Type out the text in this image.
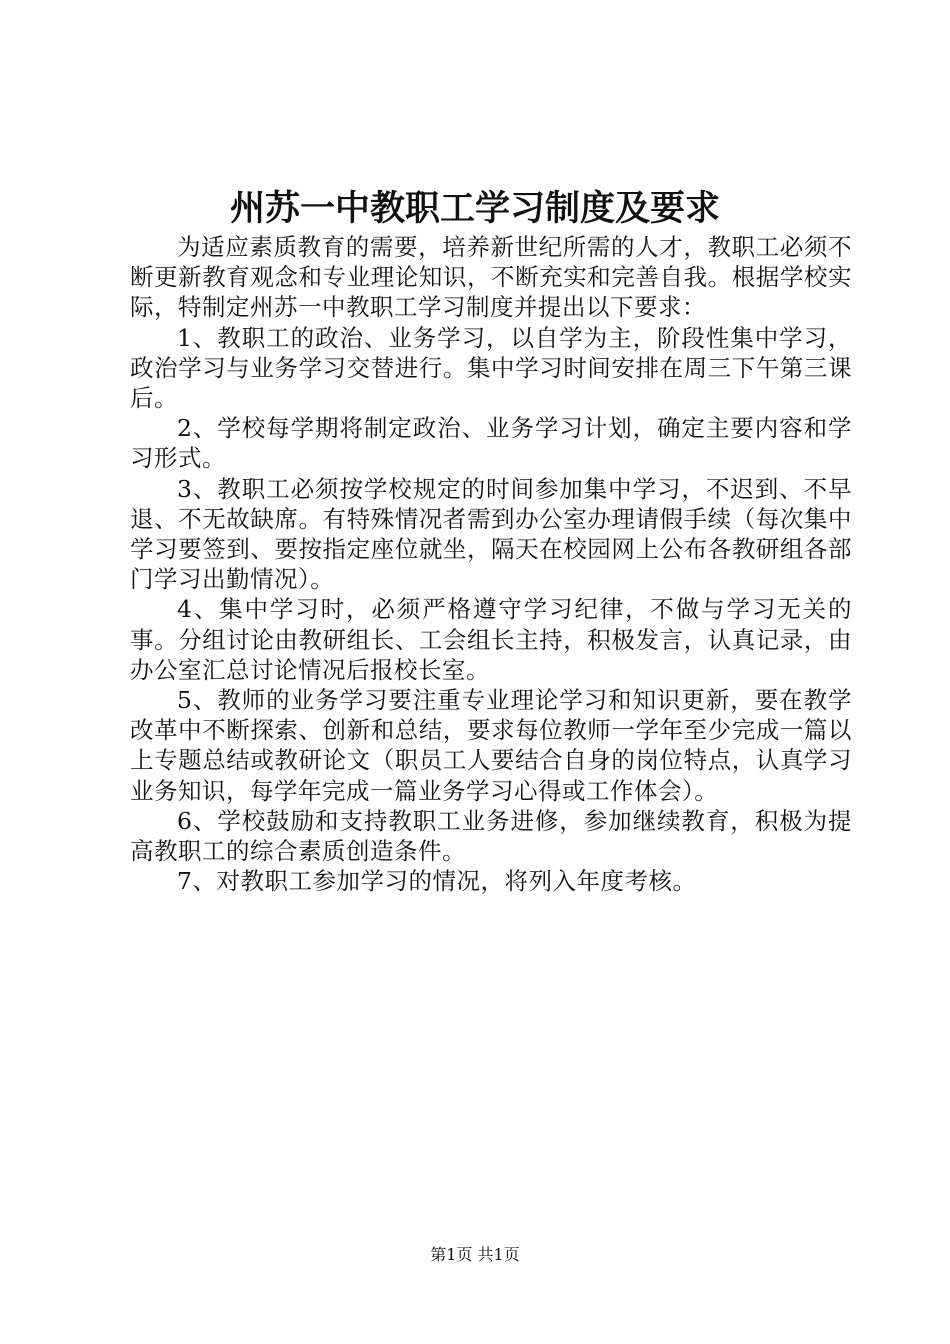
州苏一中教职工学习制度及要求

为适应素质教育的需要，培养新世纪所需的人才，教职工必须不断更新教育观念和专业理论知识，不断充实和完善自我。根据学校实际，特制定州苏一中教职工学习制度并提出以下要求：

1、教职工的政治、业务学习，以自学为主，阶段性集中学习，政治学习与业务学习交替进行。集中学习时间安排在周三下午第三课后。

2、学校每学期将制定政治、业务学习计划，确定主要内容和学习形式。

3、教职工必须按学校规定的时间参加集中学习，不迟到、不早退、不无故缺席。有特殊情况者需到办公室办理请假手续（每次集中学习要签到、要按指定座位就坐，隔天在校园网上公布各教研组各部门学习出勤情况）。

4、集中学习时，必须严格遵守学习纪律，不做与学习无关的事。分组讨论由教研组长、工会组长主持，积极发言，认真记录，由办公室汇总讨论情况后报校长室。

5、教师的业务学习要注重专业理论学习和知识更新，要在教学改革中不断探索、创新和总结，要求每位教师一学年至少完成一篇以上专题总结或教研论文（职员工人要结合自身的岗位特点，认真学习业务知识，每学年完成一篇业务学习心得或工作体会）。

6、学校鼓励和支持教职工业务进修，参加继续教育，积极为提高教职工的综合素质创造条件。

7、对教职工参加学习的情况，将列入年度考核。

第1页 共1页
